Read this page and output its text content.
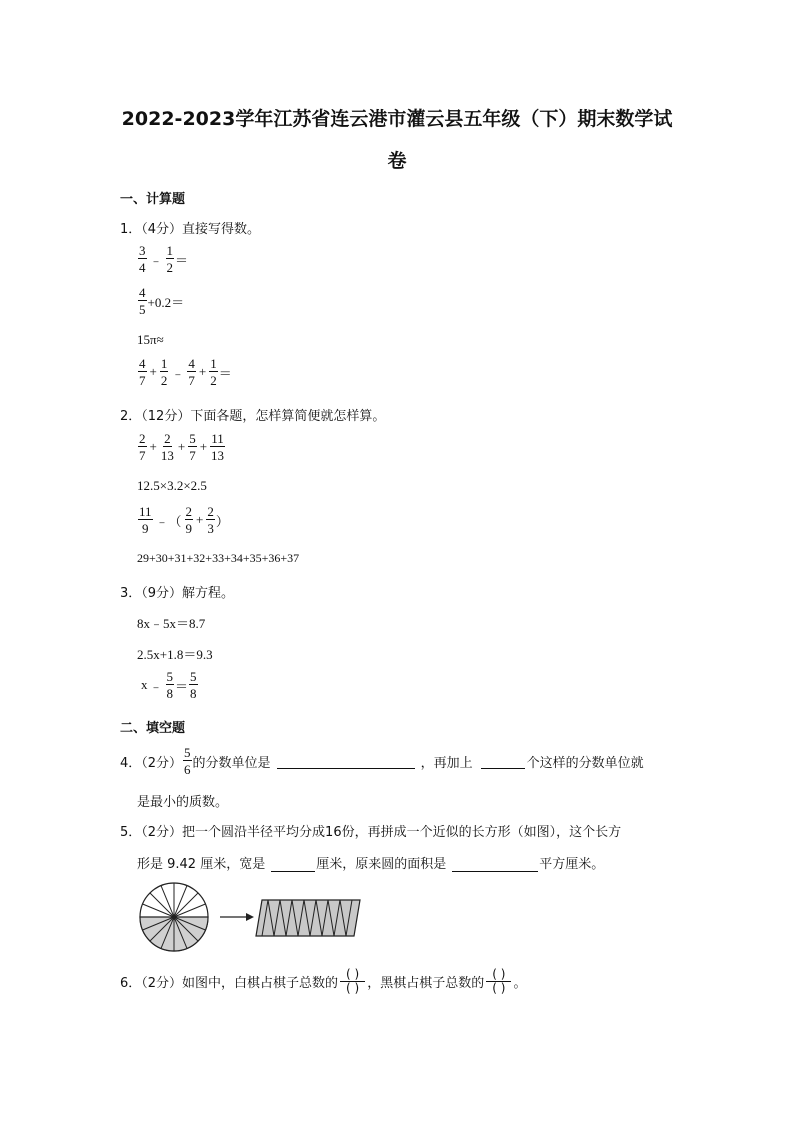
2022-2023学年江苏省连云港市灌云县五年级（下）期末数学试
卷
一、计算题
1．（4分）直接写得数。
$\frac{3}{4}$ ﹣ $\frac{1}{2}$ ＝
$\frac{4}{5} +0.2=$
15π≈
$\frac{4}{7} + \frac{1}{2}$ ﹣ $\frac{4}{7} + \frac{1}{2}$ ＝
2．（12分）下面各题，怎样算简便就怎样算。
$\frac{2}{7} + \frac{2}{13} + \frac{5}{7} + \frac{11}{13}$
12.5×3.2×2.5
$\frac{11}{9}$ ﹣（ $\frac{2}{9} + \frac{2}{3}$ ）
29+30+31+32+33+34+35+36+37
3．（9分）解方程。
8x﹣5x＝8.7
2.5x+1.8＝9.3
x ﹣ $\frac{5}{8} = \frac{5}{8}$
二、填空题
4．（2分） $\frac{5}{6}$ 的分数单位是	，再加上	个这样的分数单位就
是最小的质数。
5．（2分）把一个圆沿半径平均分成16份，再拼成一个近似的长方形（如图），这个长方
形是 9.42 厘米，宽是	厘米，原来圆的面积是	平方厘米。
6．（2分）如图中，白棋占棋子总数的
( )
( ) ，黑棋占棋子总数的
( )
( ) 。
